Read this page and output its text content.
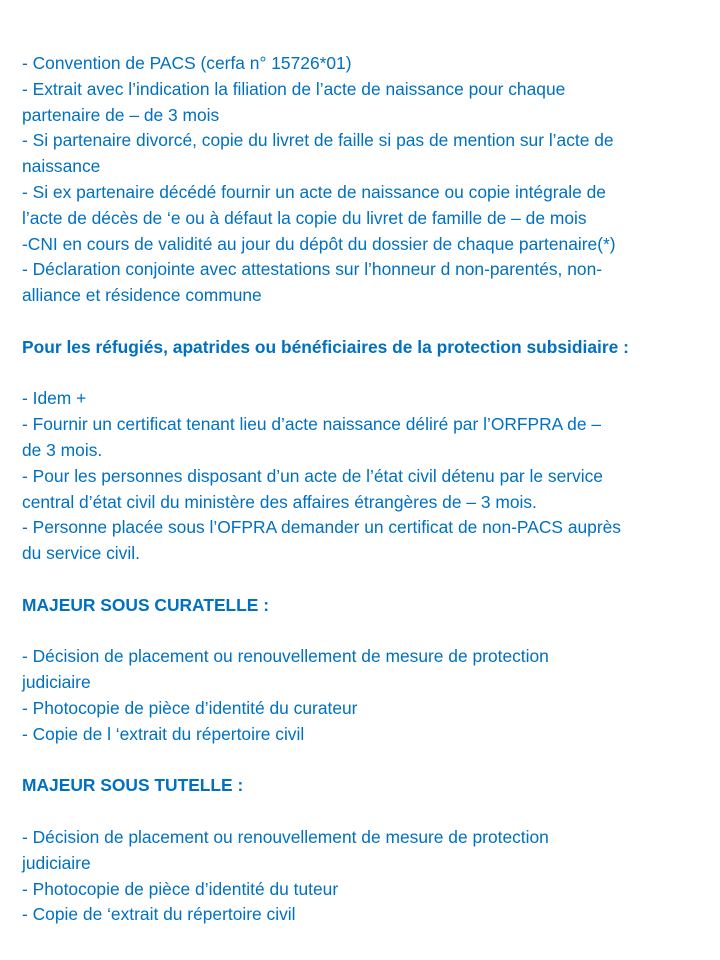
- Convention de PACS (cerfa n° 15726*01)

- Extrait avec l’indication la filiation de l’acte de naissance pour chaque

partenaire de – de 3 mois

- Si partenaire divorcé, copie du livret de faille si pas de mention sur l’acte de

naissance

- Si ex partenaire décédé fournir un acte de naissance ou copie intégrale de

l’acte de décès de ‘e ou à défaut la copie du livret de famille de – de mois

-CNI en cours de validité au jour du dépôt du dossier de chaque partenaire(*)

- Déclaration conjointe avec attestations sur l’honneur d non-parentés, non-

alliance et résidence commune

Pour les réfugiés, apatrides ou bénéficiaires de la protection subsidiaire :

- Idem +

- Fournir un certificat tenant lieu d’acte naissance déliré par l’ORFPRA de –

de 3 mois.

- Pour les personnes disposant d’un acte de l’état civil détenu par le service

central d’état civil du ministère des affaires étrangères de – 3 mois.

- Personne placée sous l’OFPRA demander un certificat de non-PACS auprès

du service civil.

MAJEUR SOUS CURATELLE :

- Décision de placement ou renouvellement de mesure de protection

judiciaire

- Photocopie de pièce d’identité du curateur

- Copie de l ‘extrait du répertoire civil

MAJEUR SOUS TUTELLE :

- Décision de placement ou renouvellement de mesure de protection

judiciaire

- Photocopie de pièce d’identité du tuteur

- Copie de ‘extrait du répertoire civil
